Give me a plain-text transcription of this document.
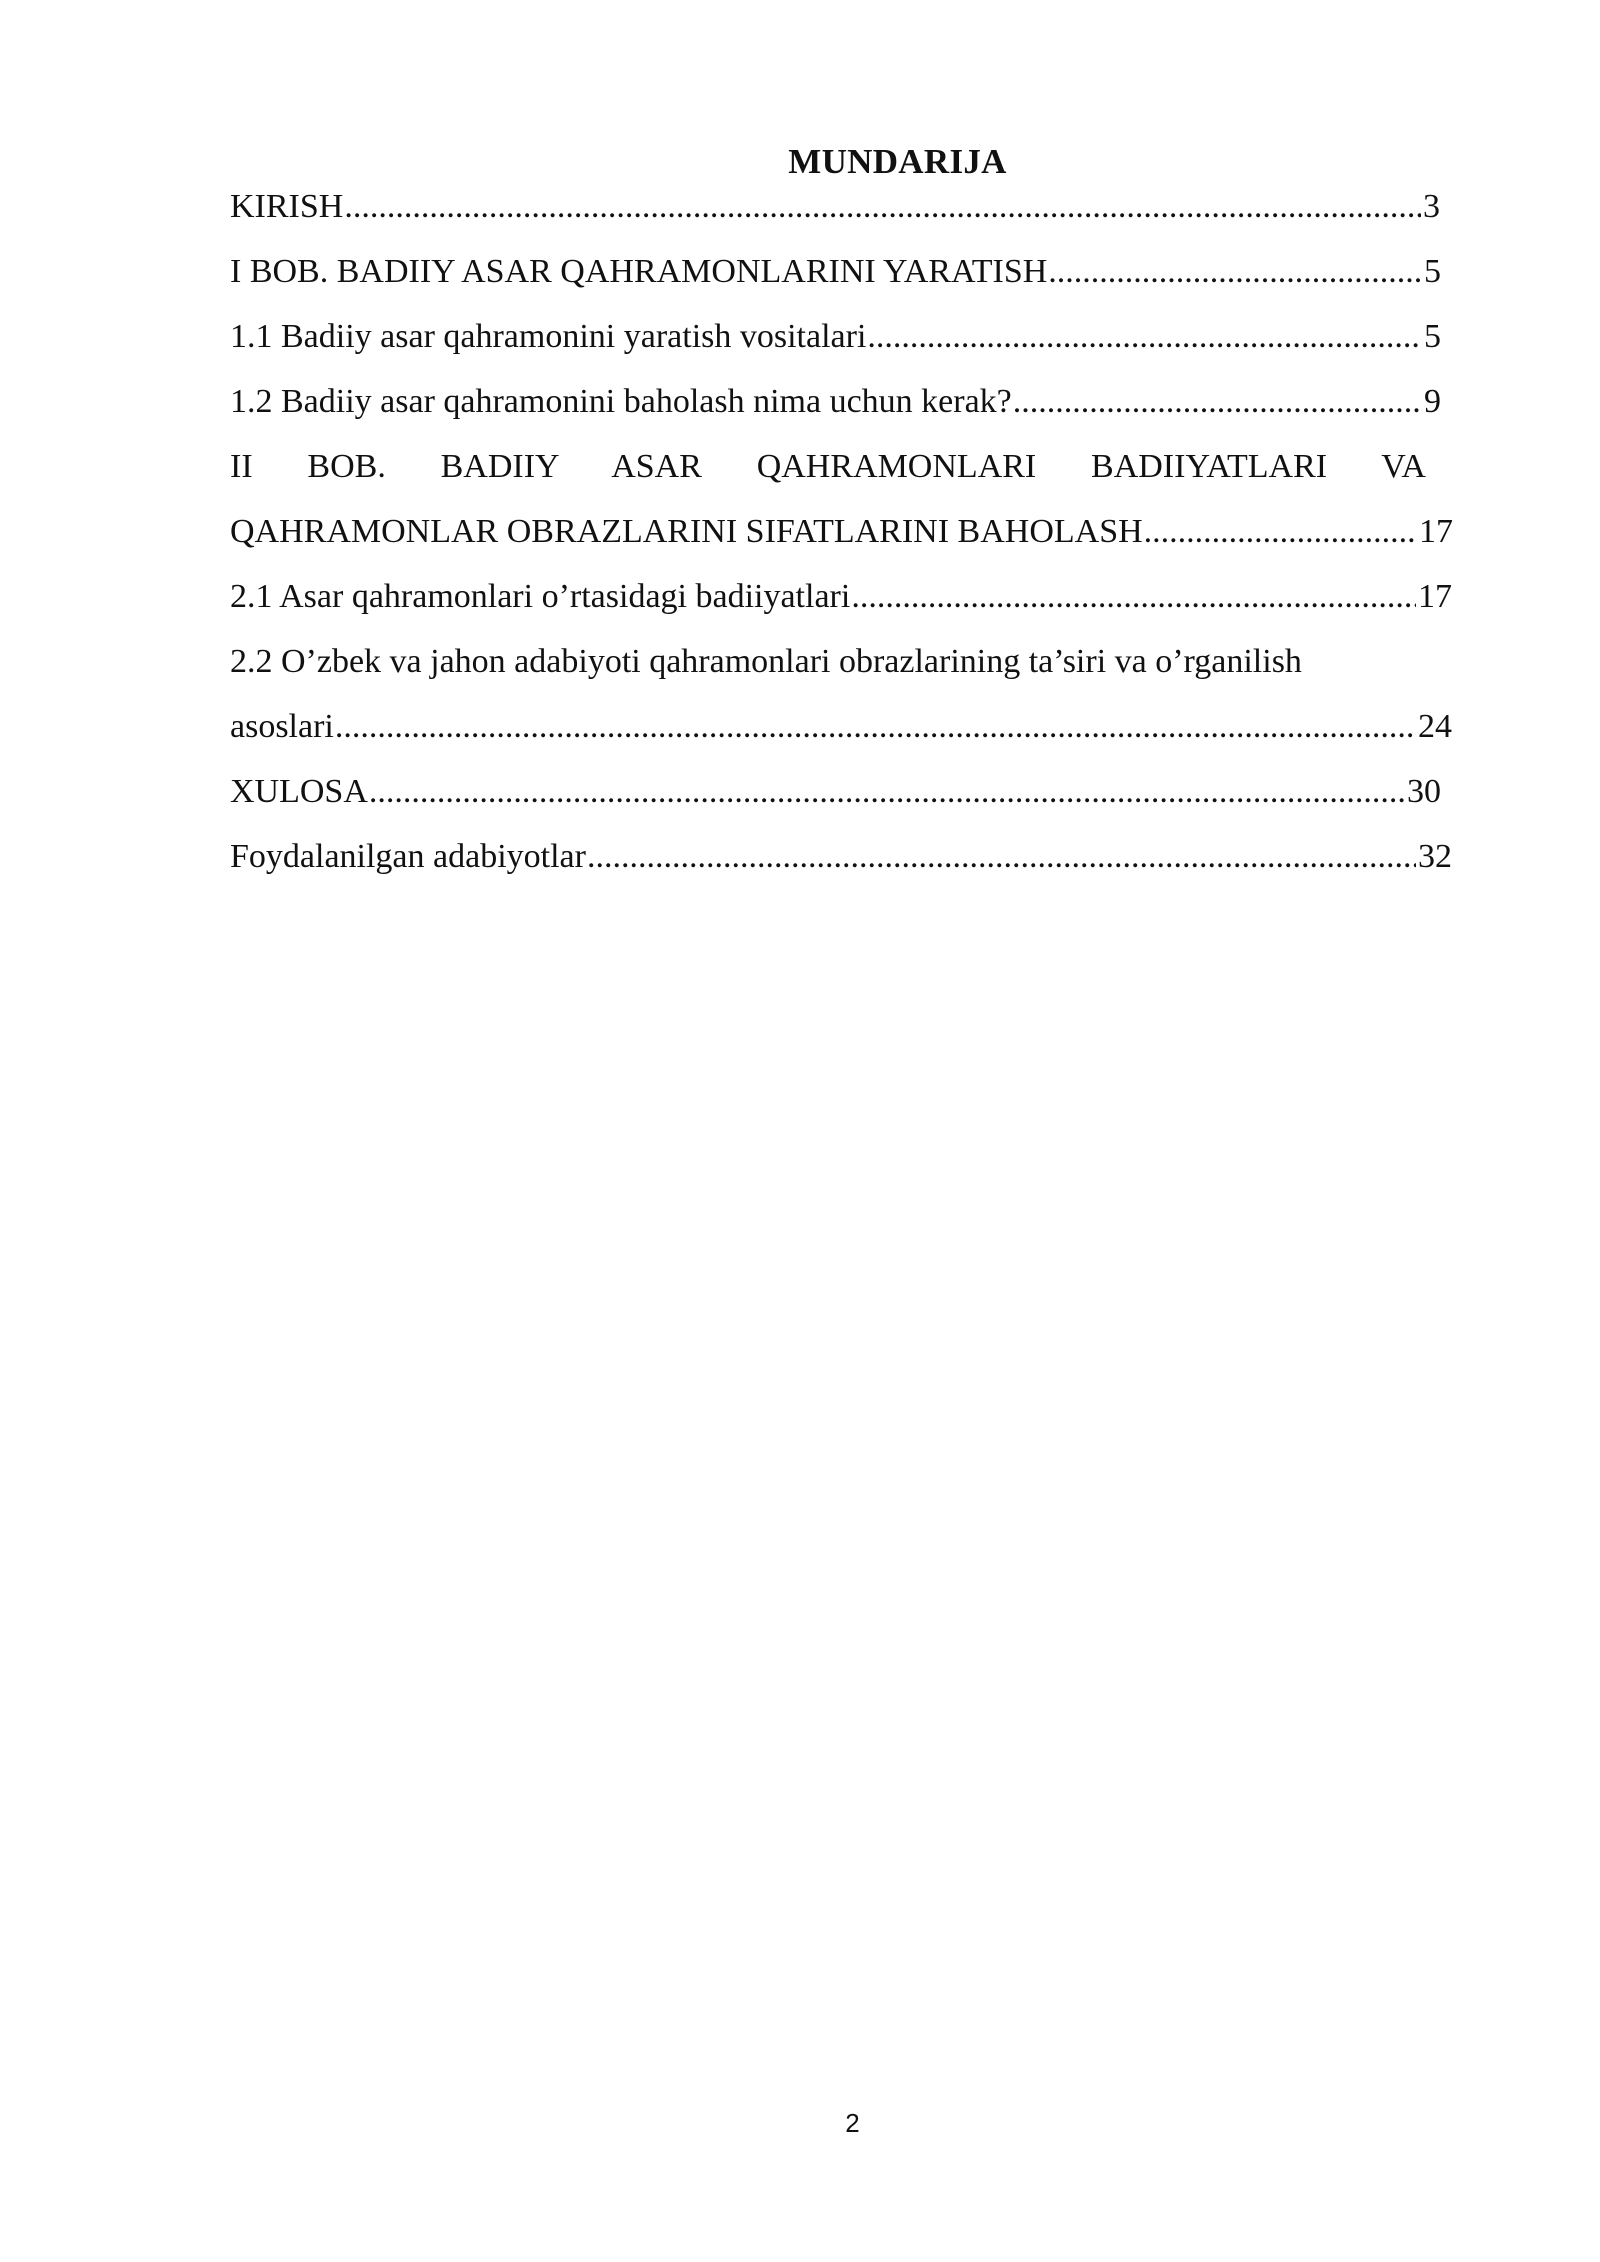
MUNDARIJA
KIRISH .....	3
I BOB. BADIIY ASAR QAHRAMONLARINI YARATISH .....	5
1.1 Badiiy asar qahramonini yaratish vositalari .....	5
1.2 Badiiy asar qahramonini baholash nima uchun kerak? .....	9
II BOB. BADIIY ASAR QAHRAMONLARI BADIIYATLARI VA
QAHRAMONLAR OBRAZLARINI SIFATLARINI BAHOLASH .....	17
2.1 Asar qahramonlari o’rtasidagi badiiyatlari .....	17
2.2 O’zbek va jahon adabiyoti qahramonlari obrazlarining ta’siri va o’rganilish
asoslari .....	24
XULOSA .....	30
Foydalanilgan adabiyotlar .....	32
2
